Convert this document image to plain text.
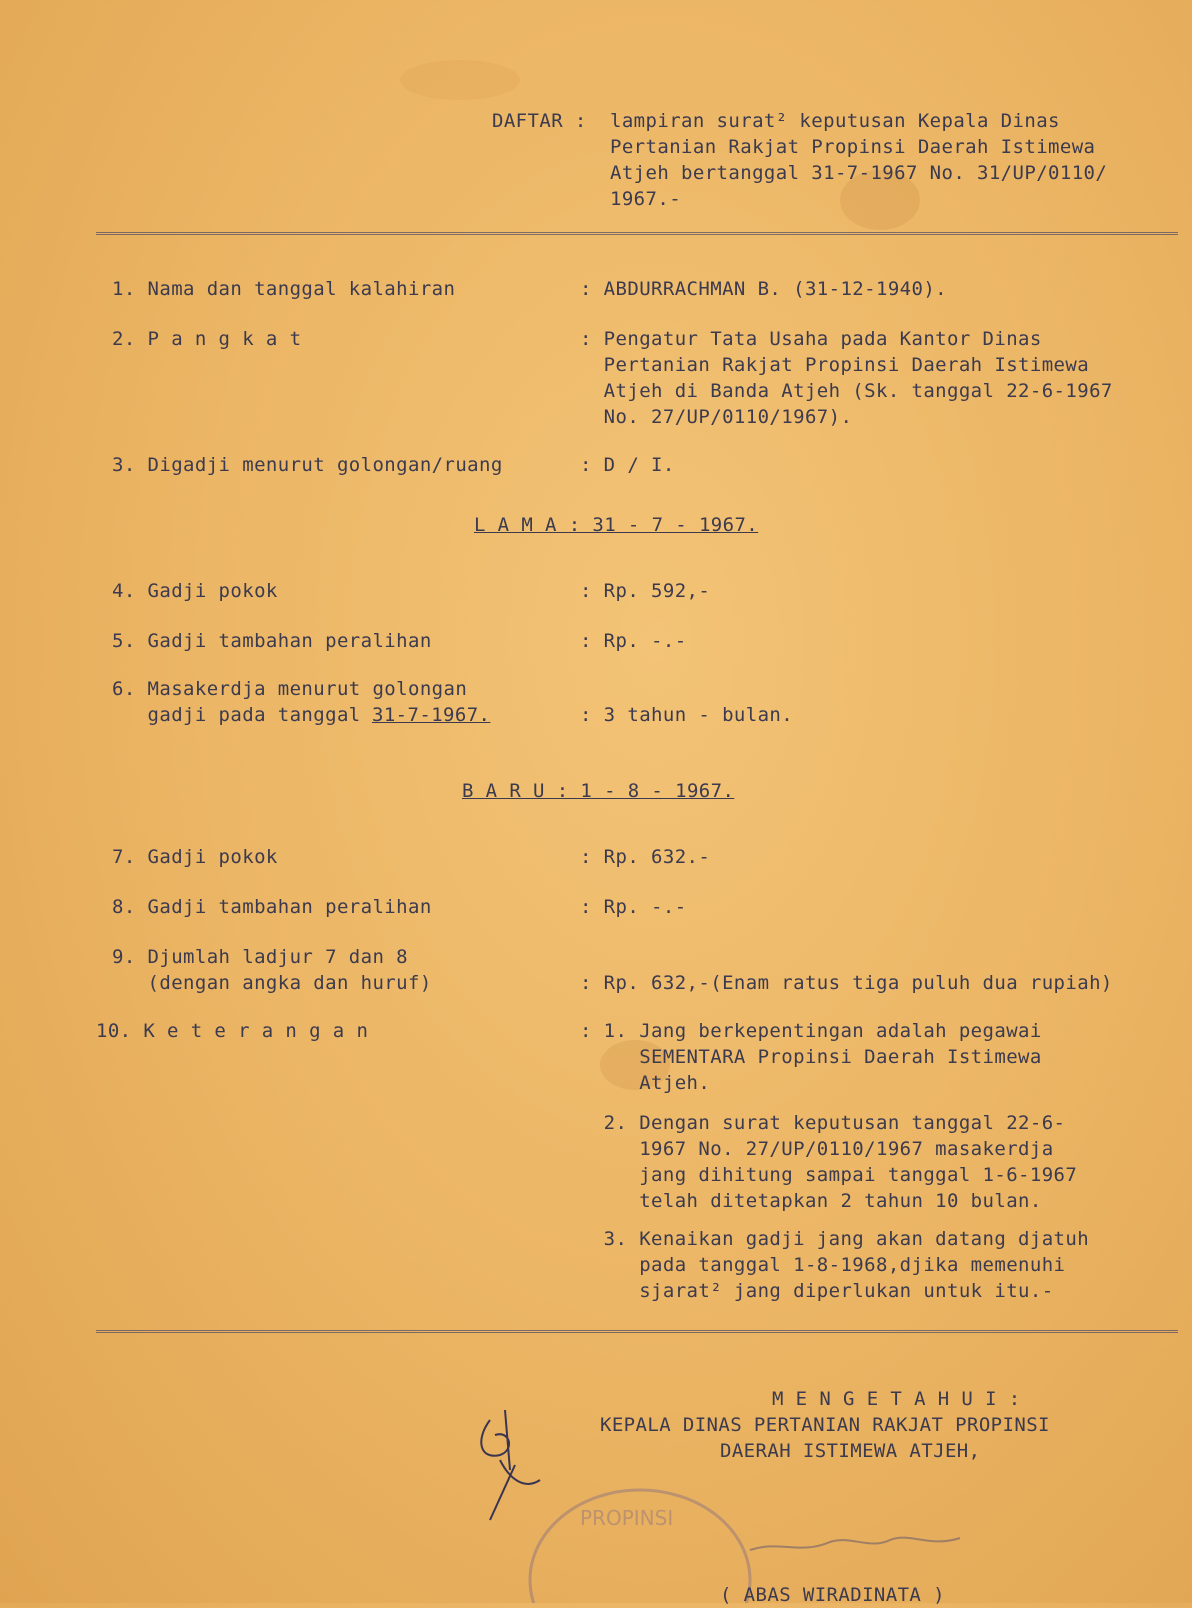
DAFTAR : lampiran surat² keputusan Kepala Dinas
Pertanian Rakjat Propinsi Daerah Istimewa
Atjeh bertanggal 31-7-1967 No. 31/UP/0110/
1967.-
1. Nama dan tanggal kalahiran	: ABDURRACHMAN B. (31-12-1940).
2. P a n g k a t	: Pengatur Tata Usaha pada Kantor Dinas
Pertanian Rakjat Propinsi Daerah Istimewa
Atjeh di Banda Atjeh (Sk. tanggal 22-6-1967
No. 27/UP/0110/1967).
3. Digadji menurut golongan/ruang	: D / I.
L A M A : 31 - 7 - 1967.
4. Gadji pokok	: Rp. 592,-
5. Gadji tambahan peralihan	: Rp. -.-
6. Masakerdja menurut golongan
gadji pada tanggal 31-7-1967.	: 3 tahun - bulan.
B A R U : 1 - 8 - 1967.
7. Gadji pokok	: Rp. 632.-
8. Gadji tambahan peralihan	: Rp. -.-
9. Djumlah ladjur 7 dan 8
(dengan angka dan huruf)	: Rp. 632,-(Enam ratus tiga puluh dua rupiah)
10. K e t e r a n g a n	: 1. Jang berkepentingan adalah pegawai
SEMENTARA Propinsi Daerah Istimewa
Atjeh.
2. Dengan surat keputusan tanggal 22-6-
1967 No. 27/UP/0110/1967 masakerdja
jang dihitung sampai tanggal 1-6-1967
telah ditetapkan 2 tahun 10 bulan.
3. Kenaikan gadji jang akan datang djatuh
pada tanggal 1-8-1968,djika memenuhi
sjarat² jang diperlukan untuk itu.-
M E N G E T A H U I :
KEPALA DINAS PERTANIAN RAKJAT PROPINSI
DAERAH ISTIMEWA ATJEH,
PROPINSI
( ABAS WIRADINATA )
